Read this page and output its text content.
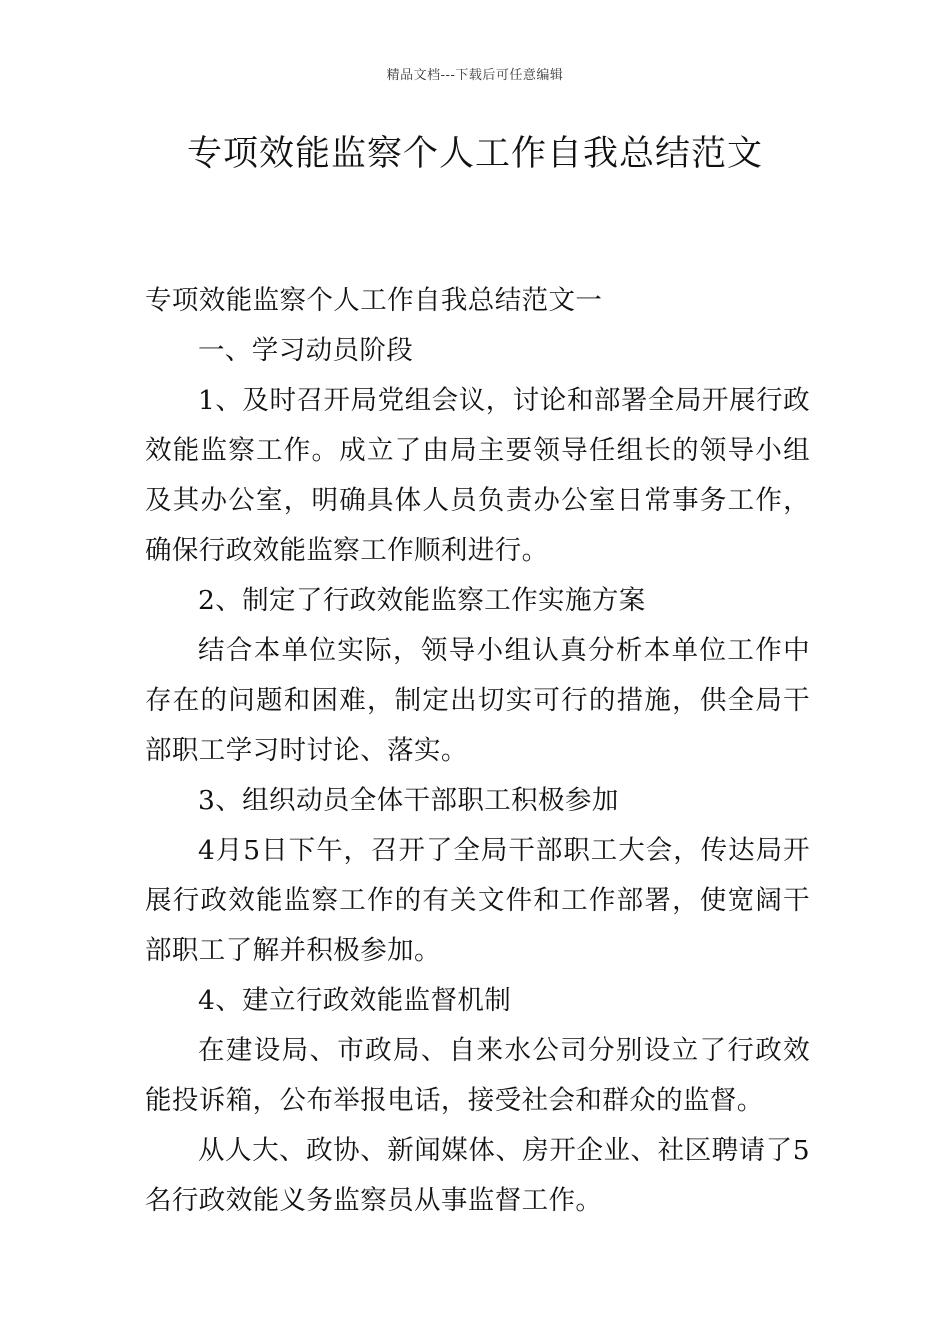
精品文档---下载后可任意编辑
专项效能监察个人工作自我总结范文

专项效能监察个人工作自我总结范文一

一、学习动员阶段

1、及时召开局党组会议，讨论和部署全局开展行政效能监察工作。成立了由局主要领导任组长的领导小组及其办公室，明确具体人员负责办公室日常事务工作，确保行政效能监察工作顺利进行。

2、制定了行政效能监察工作实施方案

结合本单位实际，领导小组认真分析本单位工作中存在的问题和困难，制定出切实可行的措施，供全局干部职工学习时讨论、落实。

3、组织动员全体干部职工积极参加

4月5日下午，召开了全局干部职工大会，传达局开展行政效能监察工作的有关文件和工作部署，使宽阔干部职工了解并积极参加。

4、建立行政效能监督机制

在建设局、市政局、自来水公司分别设立了行政效能投诉箱，公布举报电话，接受社会和群众的监督。

从人大、政协、新闻媒体、房开企业、社区聘请了5名行政效能义务监察员从事监督工作。
